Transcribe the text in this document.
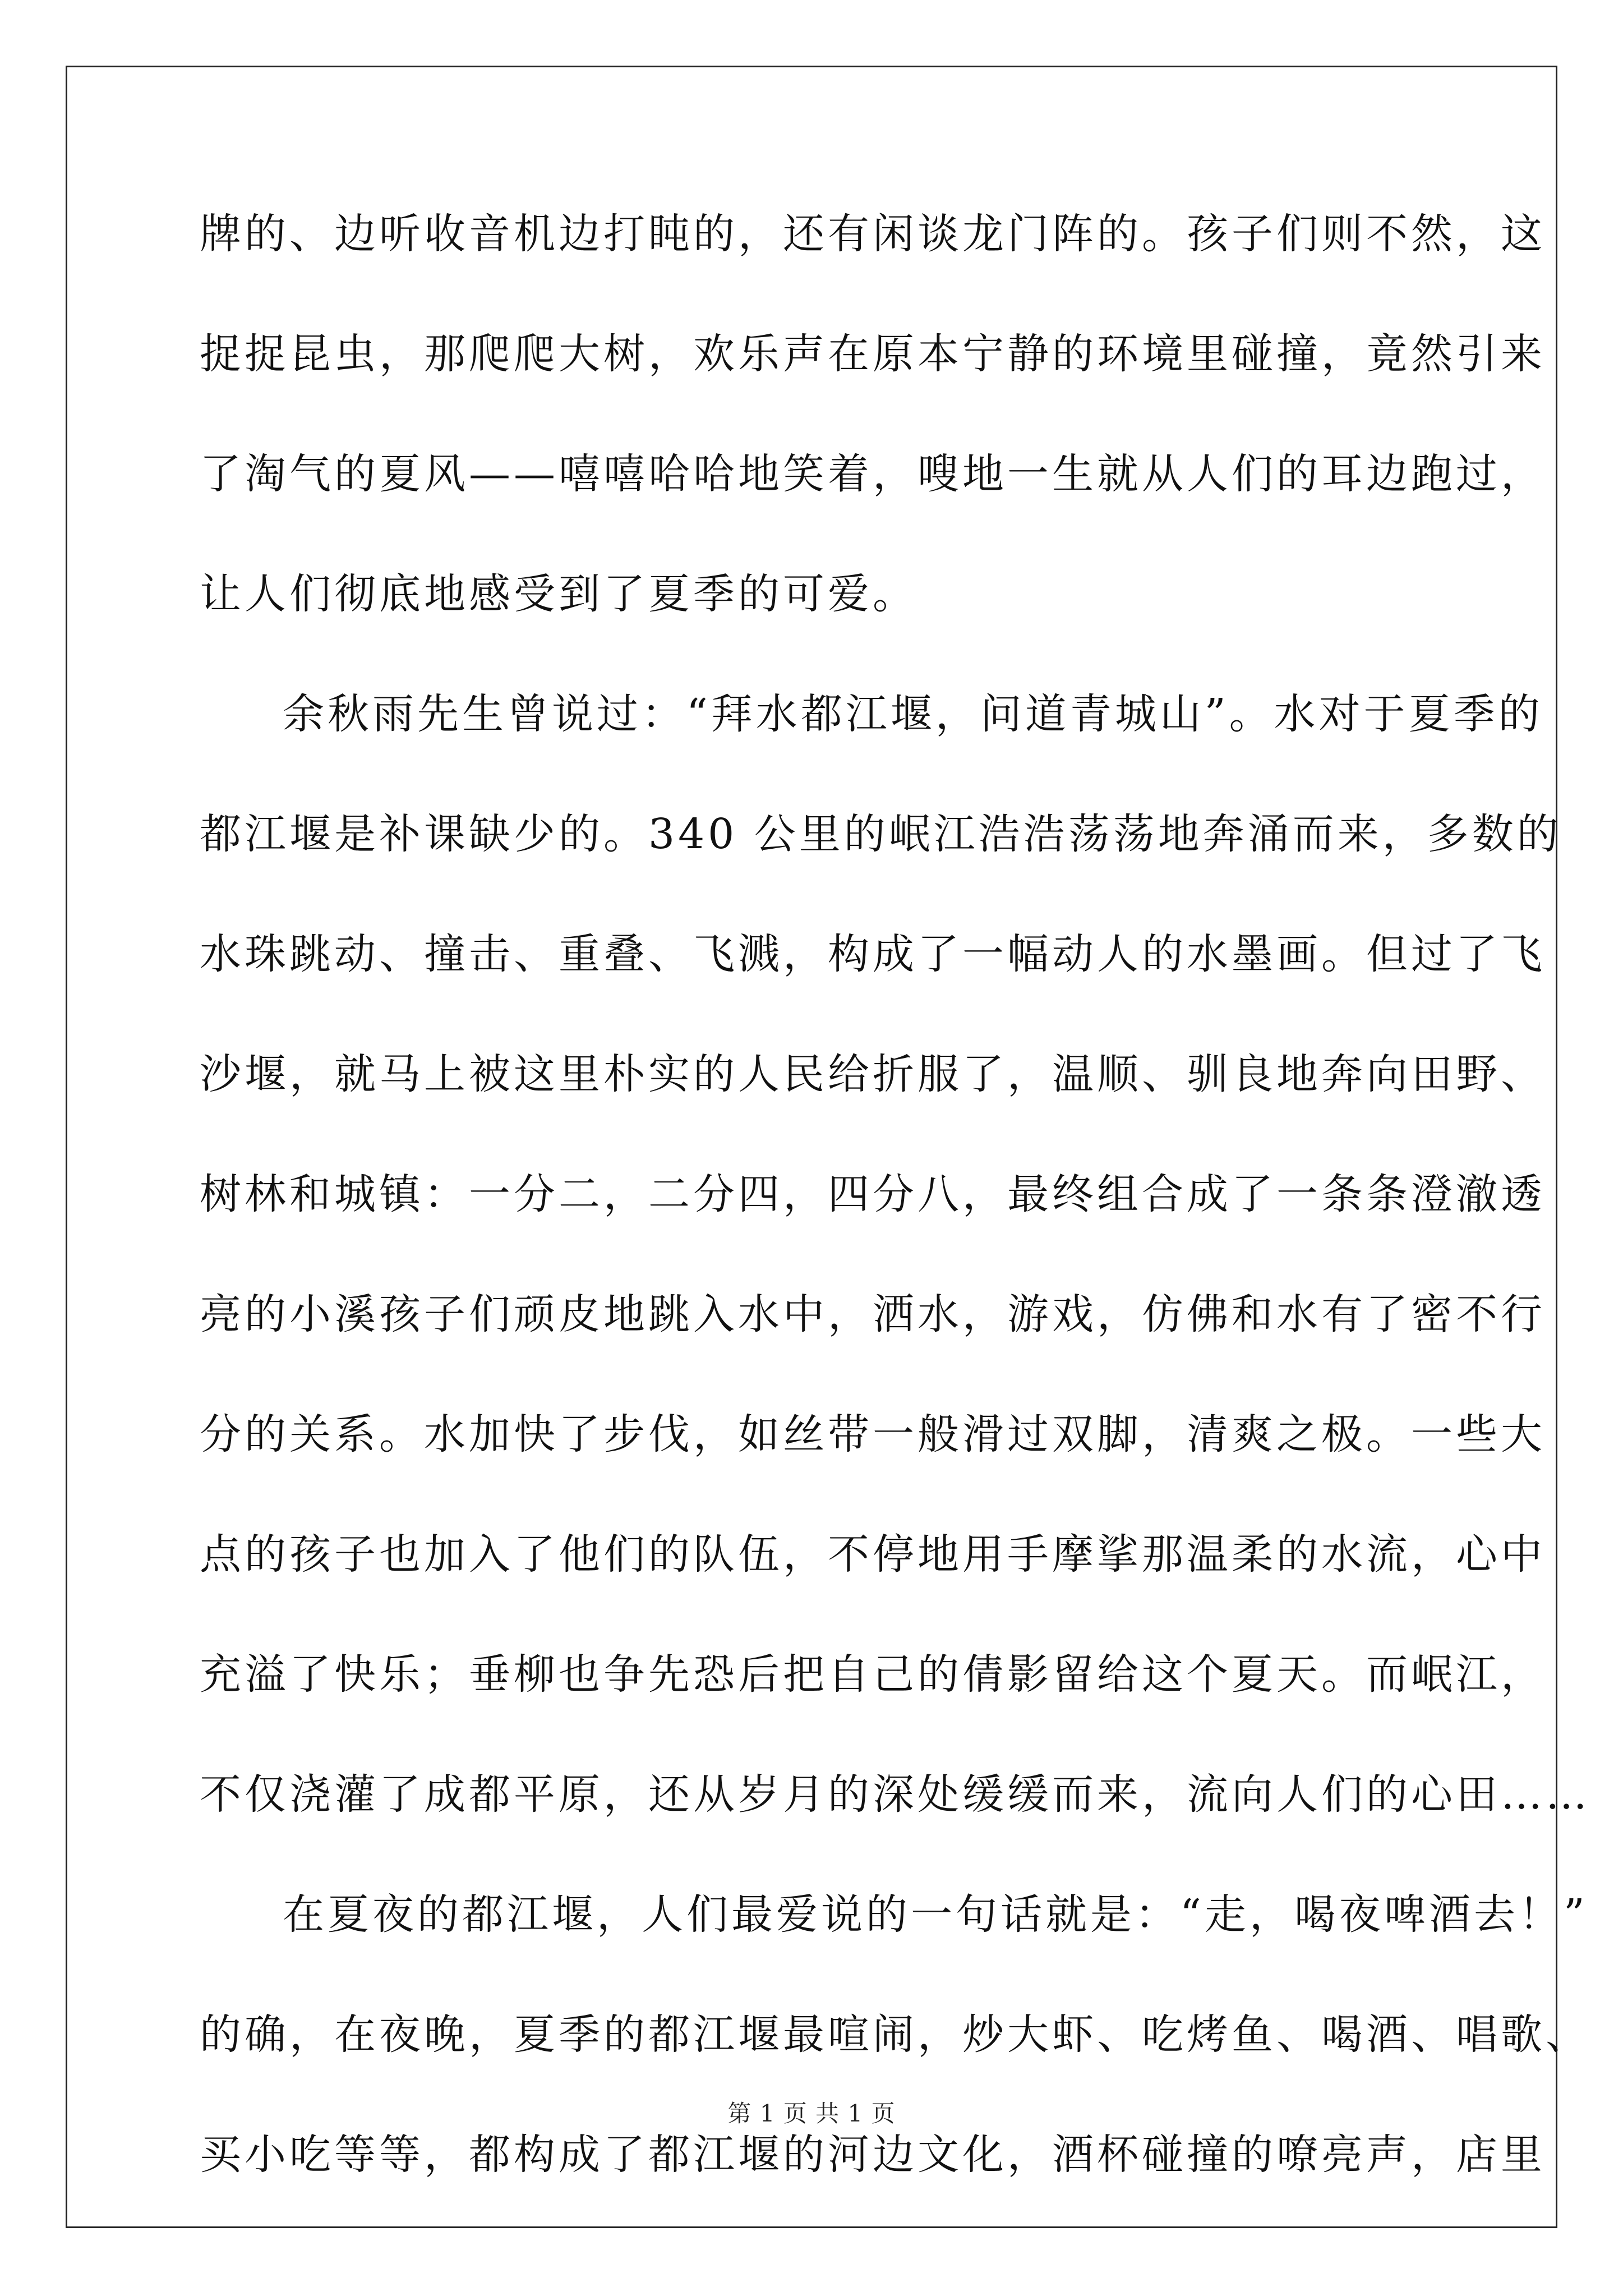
牌的、边听收音机边打盹的，还有闲谈龙门阵的。孩子们则不然，这
捉捉昆虫，那爬爬大树，欢乐声在原本宁静的环境里碰撞，竟然引来
了淘气的夏风——嘻嘻哈哈地笑着，嗖地一生就从人们的耳边跑过，
让人们彻底地感受到了夏季的可爱。
余秋雨先生曾说过：“拜水都江堰，问道青城山”。水对于夏季的
都江堰是补课缺少的。340 公里的岷江浩浩荡荡地奔涌而来，多数的
水珠跳动、撞击、重叠、飞溅，构成了一幅动人的水墨画。但过了飞
沙堰，就马上被这里朴实的人民给折服了，温顺、驯良地奔向田野、
树林和城镇：一分二，二分四，四分八，最终组合成了一条条澄澈透
亮的小溪孩子们顽皮地跳入水中，洒水，游戏，仿佛和水有了密不行
分的关系。水加快了步伐，如丝带一般滑过双脚，清爽之极。一些大
点的孩子也加入了他们的队伍，不停地用手摩挲那温柔的水流，心中
充溢了快乐；垂柳也争先恐后把自己的倩影留给这个夏天。而岷江，
不仅浇灌了成都平原，还从岁月的深处缓缓而来，流向人们的心田……
在夏夜的都江堰，人们最爱说的一句话就是：“走，喝夜啤酒去！”
的确，在夜晚，夏季的都江堰最喧闹，炒大虾、吃烤鱼、喝酒、唱歌、
买小吃等等，都构成了都江堰的河边文化，酒杯碰撞的嘹亮声，店里
第 1 页 共 1 页
